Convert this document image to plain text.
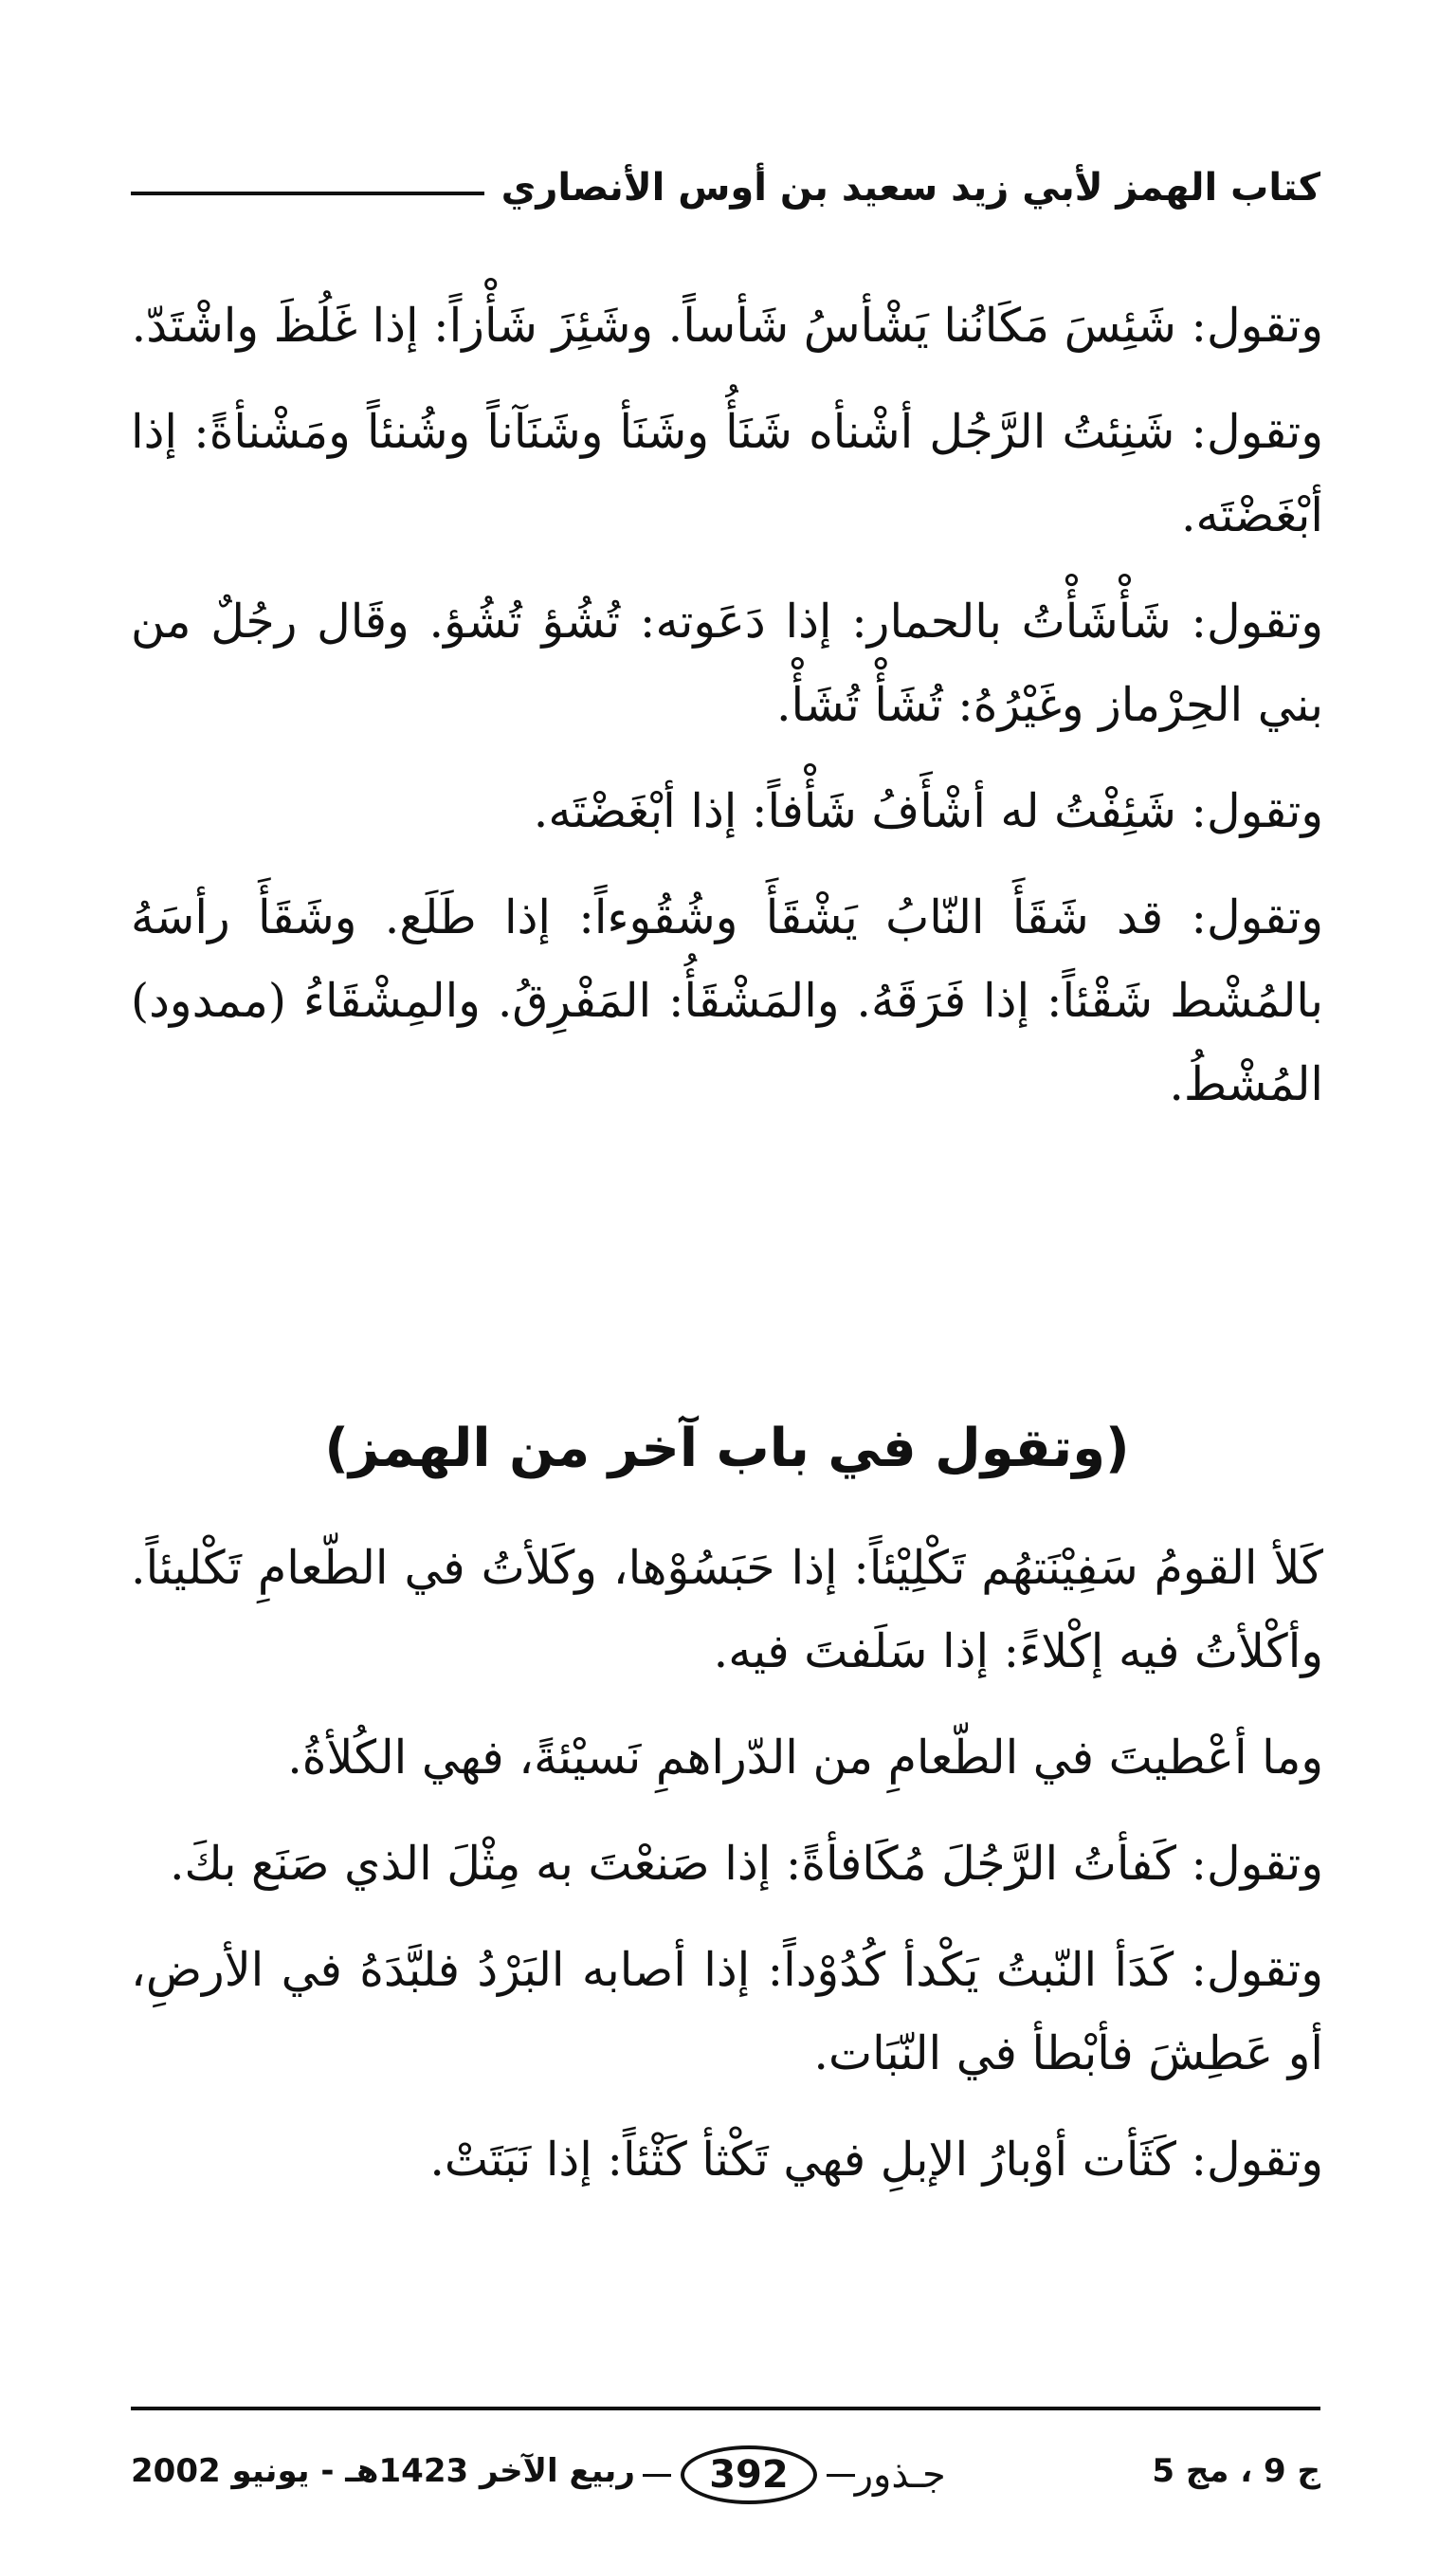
كتاب الهمز لأبي زيد سعيد بن أوس الأنصاري

وتقول: شَئِسَ مَكَانُنا يَشْأسُ شَأساً. وشَئِزَ شَأْزاً: إذا غَلُظَ واشْتَدّ.

وتقول: شَنِئتُ الرَّجُل أشْنأه شَنَأُ وشَنَأ وشَنَآناً وشُنئاً ومَشْنأةً: إذا أبْغَضْتَه.

وتقول: شَأْشَأْتُ بالحمار: إذا دَعَوته: تُشُؤ تُشُؤ. وقَال رجُلٌ من بني الحِرْماز وغَيْرُهُ: تُشَأْ تُشَأْ.

وتقول: شَئِفْتُ له أشْأَفُ شَأْفاً: إذا أبْغَضْتَه.

وتقول: قد شَقَأَ النّابُ يَشْقَأَ وشُقُوءاً: إذا طَلَع. وشَقَأَ رأسَهُ بالمُشْط شَقْئاً: إذا فَرَقَهُ. والمَشْقَأُ: المَفْرِقُ. والمِشْقَاءُ (ممدود) المُشْطُ.

(وتقول في باب آخر من الهمز)

كَلأ القومُ سَفِيْنَتهُم تَكْلِيْئاً: إذا حَبَسُوْها، وكَلأتُ في الطّعامِ تَكْليئاً. وأكْلأتُ فيه إكْلاءً: إذا سَلَفتَ فيه.

وما أعْطيتَ في الطّعامِ من الدّراهمِ نَسيْئةً، فهي الكُلأةُ.

وتقول: كَفأتُ الرَّجُلَ مُكَافأةً: إذا صَنعْتَ به مِثْلَ الذي صَنَع بكَ.

وتقول: كَدَأ النّبتُ يَكْدأ كُدُوْداً: إذا أصابه البَرْدُ فلبَّدَهُ في الأرضِ، أو عَطِشَ فأبْطأ في النّبَات.

وتقول: كَثَأت أوْبارُ الإبلِ فهي تَكْثأ كَثْئاً: إذا نَبَتَتْ.

ج 9 ، مج 5
392	جـذور
ربيع الآخر 1423هـ - يونيو 2002
